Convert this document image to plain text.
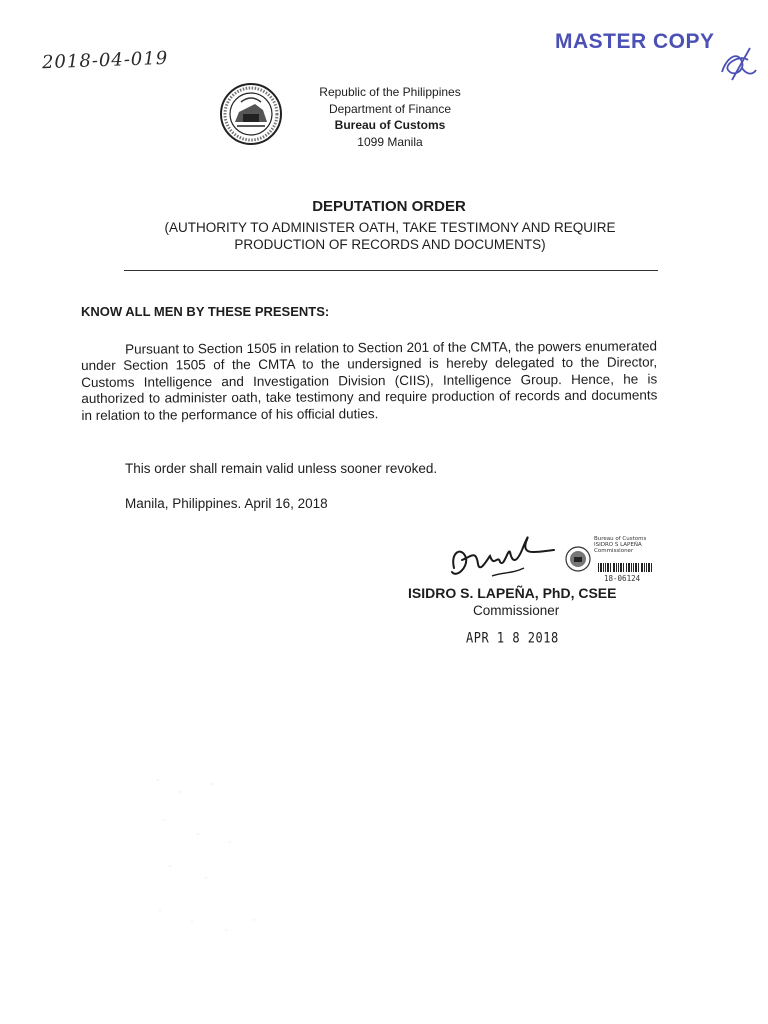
2018-04-019
MASTER COPY
Republic of the Philippines
Department of Finance
Bureau of Customs
1099 Manila
DEPUTATION ORDER
(AUTHORITY TO ADMINISTER OATH, TAKE TESTIMONY AND REQUIRE
PRODUCTION OF RECORDS AND DOCUMENTS)
KNOW ALL MEN BY THESE PRESENTS:
Pursuant to Section 1505 in relation to Section 201 of the CMTA, the powers enumerated under Section 1505 of the CMTA to the undersigned is hereby delegated to the Director, Customs Intelligence and Investigation Division (CIIS), Intelligence Group. Hence, he is authorized to administer oath, take testimony and require production of records and documents in relation to the performance of his official duties.
This order shall remain valid unless sooner revoked.
Manila, Philippines. April 16, 2018
Bureau of Customs
ISIDRO S LAPEÑA
Commissioner
18-06124
ISIDRO S. LAPEÑA, PhD, CSEE
Commissioner
APR 1 8 2018
